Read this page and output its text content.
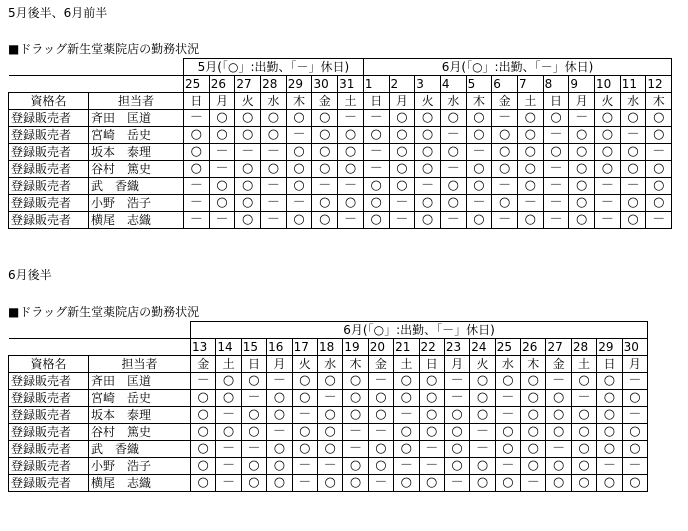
5月後半、6月前半
■ドラッグ新生堂薬院店の勤務状況
		5月(「○」:出勤、「－」休日)							6月(「○」:出勤、「－」休日)											
		25	26	27	28	29	30	31	1	2	3	4	5	6	7	8	9	10	11	12
資格名	担当者	日	月	火	水	木	金	土	日	月	火	水	木	金	土	日	月	火	水	木
登録販売者	斉田　匡道	－	○	○	○	○	○	－	－	○	○	○	○	－	○	○	－	○	○	○
登録販売者	宮崎　岳史	○	○	○	○	－	○	○	○	○	○	－	○	○	○	－	○	○	－	○
登録販売者	坂本　泰理	○	－	－	－	○	○	○	－	○	○	○	－	○	○	○	○	○	○	－
登録販売者	谷村　篤史	○	－	○	○	○	○	○	－	○	○	－	○	○	○	－	○	○	○	○
登録販売者	武　香織	－	○	○	－	○	－	－	○	○	－	○	○	－	○	－	○	－	－	○
登録販売者	小野　浩子	－	○	○	－	－	○	○	○	－	○	○	－	○	－	－	○	－	○	○
登録販売者	横尾　志織	－	－	○	－	○	○	－	○	－	○	－	○	－	○	－	○	－	○	－
6月後半
■ドラッグ新生堂薬院店の勤務状況
		6月(「○」:出勤、「－」休日)																	
		13	14	15	16	17	18	19	20	21	22	23	24	25	26	27	28	29	30
資格名	担当者	金	土	日	月	火	水	木	金	土	日	月	火	水	木	金	土	日	月
登録販売者	斉田　匡道	－	○	○	－	○	○	○	－	○	○	－	○	○	○	－	○	○	－
登録販売者	宮崎　岳史	○	○	－	○	○	－	○	○	○	○	－	○	－	○	○	－	○	○
登録販売者	坂本　泰理	○	－	○	○	－	○	○	○	－	○	○	○	－	○	○	○	○	－
登録販売者	谷村　篤史	○	○	○	－	○	○	－	－	○	○	○	－	○	○	○	○	○	○
登録販売者	武　香織	○	－	－	○	○	○	－	○	○	－	○	－	○	○	－	○	○	○
登録販売者	小野　浩子	○	－	○	○	－	－	○	○	－	－	○	○	－	○	○	○	－	－
登録販売者	横尾　志織	○	－	○	○	－	○	○	－	○	○	－	○	○	－	○	○	○	○
